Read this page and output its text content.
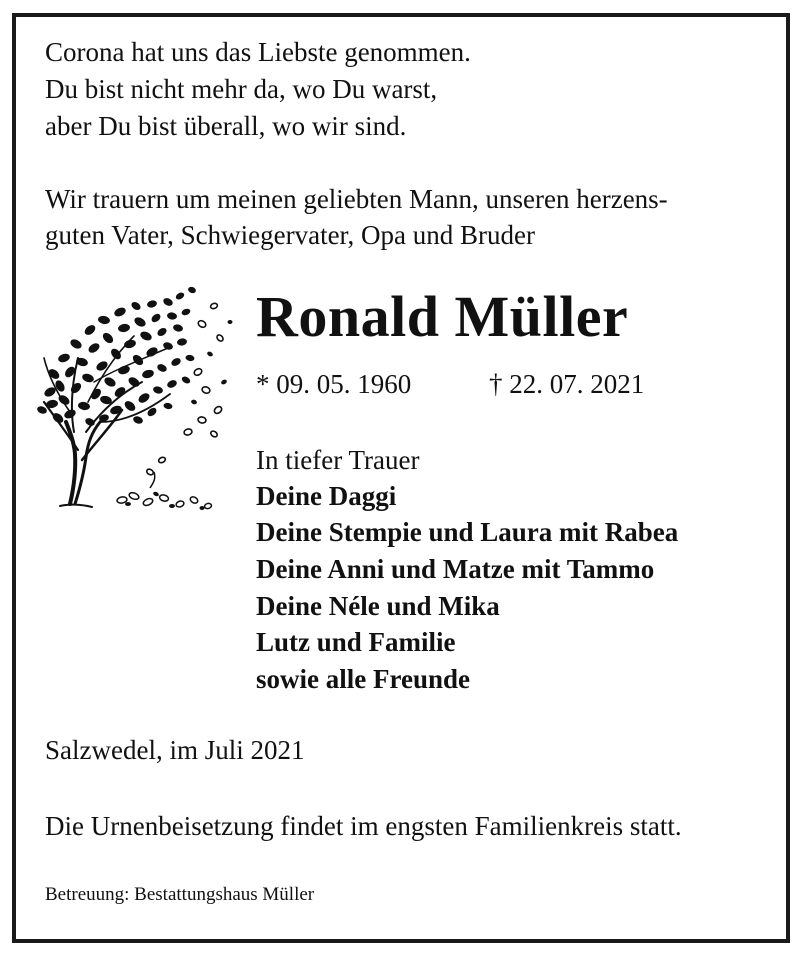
Corona hat uns das Liebste genommen.
Du bist nicht mehr da, wo Du warst,
aber Du bist überall, wo wir sind.
Wir trauern um meinen geliebten Mann, unseren herzens-
guten Vater, Schwiegervater, Opa und Bruder
Ronald Müller
* 09. 05. 1960	† 22. 07. 2021
In tiefer Trauer
Deine Daggi
Deine Stempie und Laura mit Rabea
Deine Anni und Matze mit Tammo
Deine Néle und Mika
Lutz und Familie
sowie alle Freunde
Salzwedel, im Juli 2021
Die Urnenbeisetzung findet im engsten Familienkreis statt.
Betreuung: Bestattungshaus Müller
